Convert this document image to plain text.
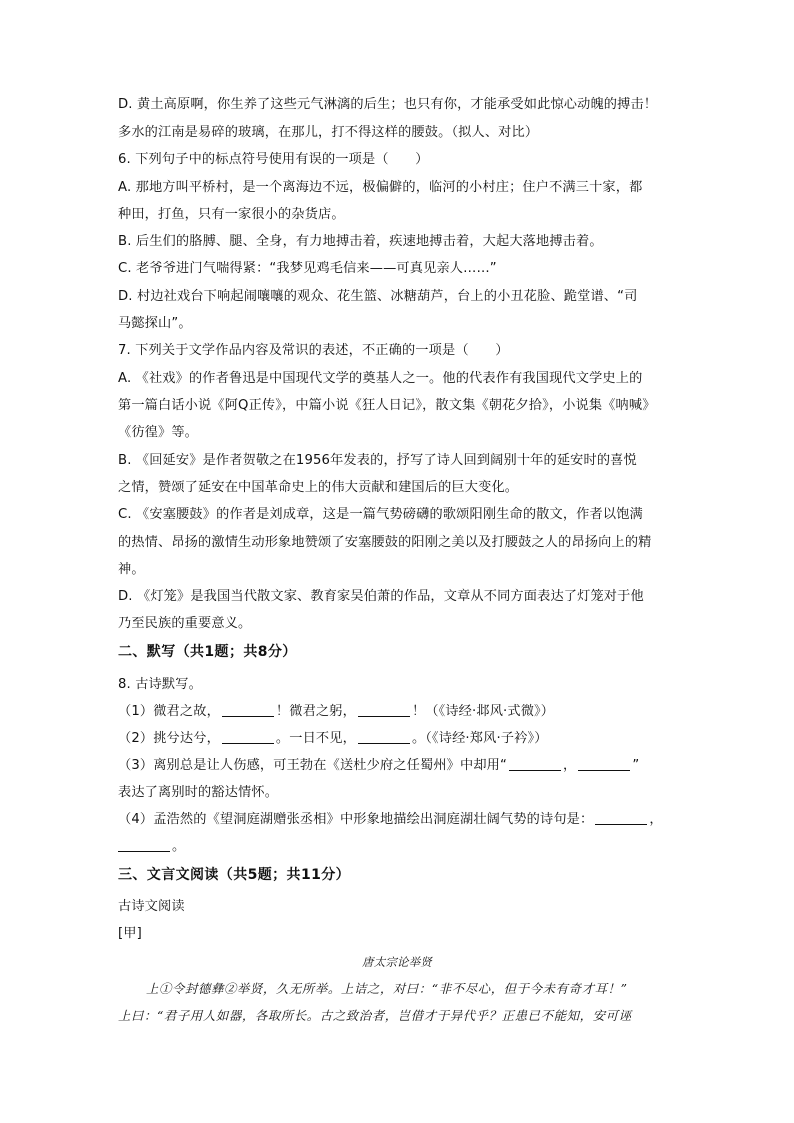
D. 黄土高原啊，你生养了这些元气淋漓的后生；也只有你，才能承受如此惊心动魄的搏击！
多水的江南是易碎的玻璃，在那儿，打不得这样的腰鼓。（拟人、对比）
6. 下列句子中的标点符号使用有误的一项是（　　）
A. 那地方叫平桥村，是一个离海边不远，极偏僻的，临河的小村庄；住户不满三十家，都
种田，打鱼，只有一家很小的杂货店。
B. 后生们的胳膊、腿、全身，有力地搏击着，疾速地搏击着，大起大落地搏击着。
C. 老爷爷进门气喘得紧：“我梦见鸡毛信来——可真见亲人……”
D. 村边社戏台下响起闹嚷嚷的观众、花生篮、冰糖葫芦，台上的小丑花脸、跪堂谱、“司
马懿探山”。
7. 下列关于文学作品内容及常识的表述，不正确的一项是（　　）
A. 《社戏》的作者鲁迅是中国现代文学的奠基人之一。他的代表作有我国现代文学史上的
第一篇白话小说《阿Q正传》，中篇小说《狂人日记》，散文集《朝花夕拾》，小说集《呐喊》
《彷徨》等。
B. 《回延安》是作者贺敬之在1956年发表的，抒写了诗人回到阔别十年的延安时的喜悦
之情，赞颂了延安在中国革命史上的伟大贡献和建国后的巨大变化。
C. 《安塞腰鼓》的作者是刘成章，这是一篇气势磅礴的歌颂阳刚生命的散文，作者以饱满
的热情、昂扬的激情生动形象地赞颂了安塞腰鼓的阳刚之美以及打腰鼓之人的昂扬向上的精
神。
D. 《灯笼》是我国当代散文家、教育家吴伯萧的作品，文章从不同方面表达了灯笼对于他
乃至民族的重要意义。
二、默写（共1题；共8分）
8. 古诗默写。
（1）微君之故，	！微君之躬，	！（《诗经·邶风·式微》）
（2）挑兮达兮，	。一日不见，	。（《诗经·郑风·子衿》）
（3）离别总是让人伤感，可王勃在《送杜少府之任蜀州》中却用“	，	”
表达了离别时的豁达情怀。
（4）孟浩然的《望洞庭湖赠张丞相》中形象地描绘出洞庭湖壮阔气势的诗句是：	，
。
三、文言文阅读（共5题；共11分）
古诗文阅读
[甲]
唐太宗论举贤
上①令封德彝②举贤，久无所举。上诘之，对曰：“非不尽心，但于今未有奇才耳！”
上曰：“君子用人如器，各取所长。古之致治者，岂借才于异代乎？正患已不能知，安可诬
